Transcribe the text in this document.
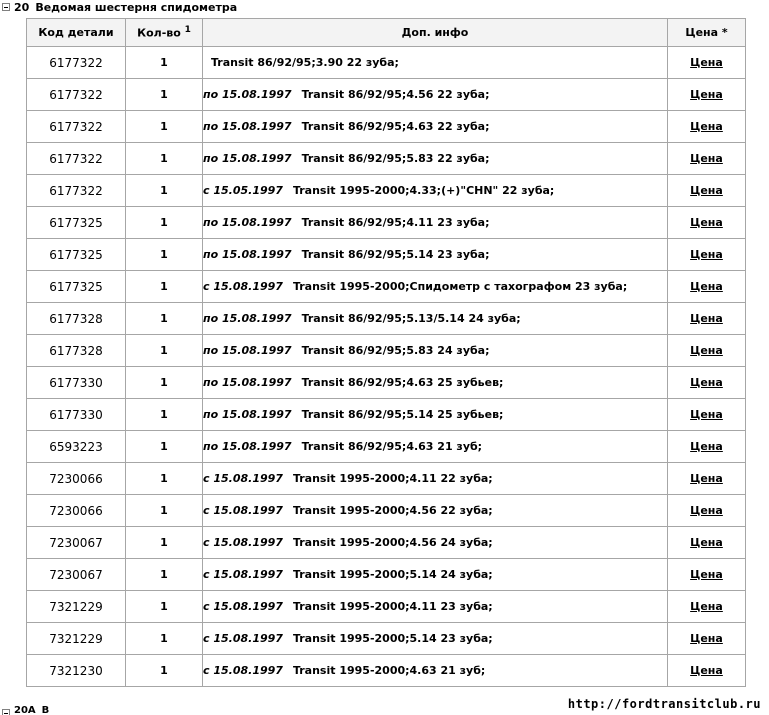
20 Ведомая шестерня спидометра
Код детали	Кол-во $^1$	Доп. инфо	Цена *
6177322	1	Transit 86/92/95;3.90 22 зуба;	Цена
6177322	1	по 15.08.1997 Transit 86/92/95;4.56 22 зуба;	Цена
6177322	1	по 15.08.1997 Transit 86/92/95;4.63 22 зуба;	Цена
6177322	1	по 15.08.1997 Transit 86/92/95;5.83 22 зуба;	Цена
6177322	1	с 15.05.1997 Transit 1995-2000;4.33;(+)"CHN" 22 зуба;	Цена
6177325	1	по 15.08.1997 Transit 86/92/95;4.11 23 зуба;	Цена
6177325	1	по 15.08.1997 Transit 86/92/95;5.14 23 зуба;	Цена
6177325	1	с 15.08.1997 Transit 1995-2000;Спидометр с тахографом 23 зуба;	Цена
6177328	1	по 15.08.1997 Transit 86/92/95;5.13/5.14 24 зуба;	Цена
6177328	1	по 15.08.1997 Transit 86/92/95;5.83 24 зуба;	Цена
6177330	1	по 15.08.1997 Transit 86/92/95;4.63 25 зубьев;	Цена
6177330	1	по 15.08.1997 Transit 86/92/95;5.14 25 зубьев;	Цена
6593223	1	по 15.08.1997 Transit 86/92/95;4.63 21 зуб;	Цена
7230066	1	с 15.08.1997 Transit 1995-2000;4.11 22 зуба;	Цена
7230066	1	с 15.08.1997 Transit 1995-2000;4.56 22 зуба;	Цена
7230067	1	с 15.08.1997 Transit 1995-2000;4.56 24 зуба;	Цена
7230067	1	с 15.08.1997 Transit 1995-2000;5.14 24 зуба;	Цена
7321229	1	с 15.08.1997 Transit 1995-2000;4.11 23 зуба;	Цена
7321229	1	с 15.08.1997 Transit 1995-2000;5.14 23 зуба;	Цена
7321230	1	с 15.08.1997 Transit 1995-2000;4.63 21 зуб;	Цена
20A В	http://fordtransitclub.ru
